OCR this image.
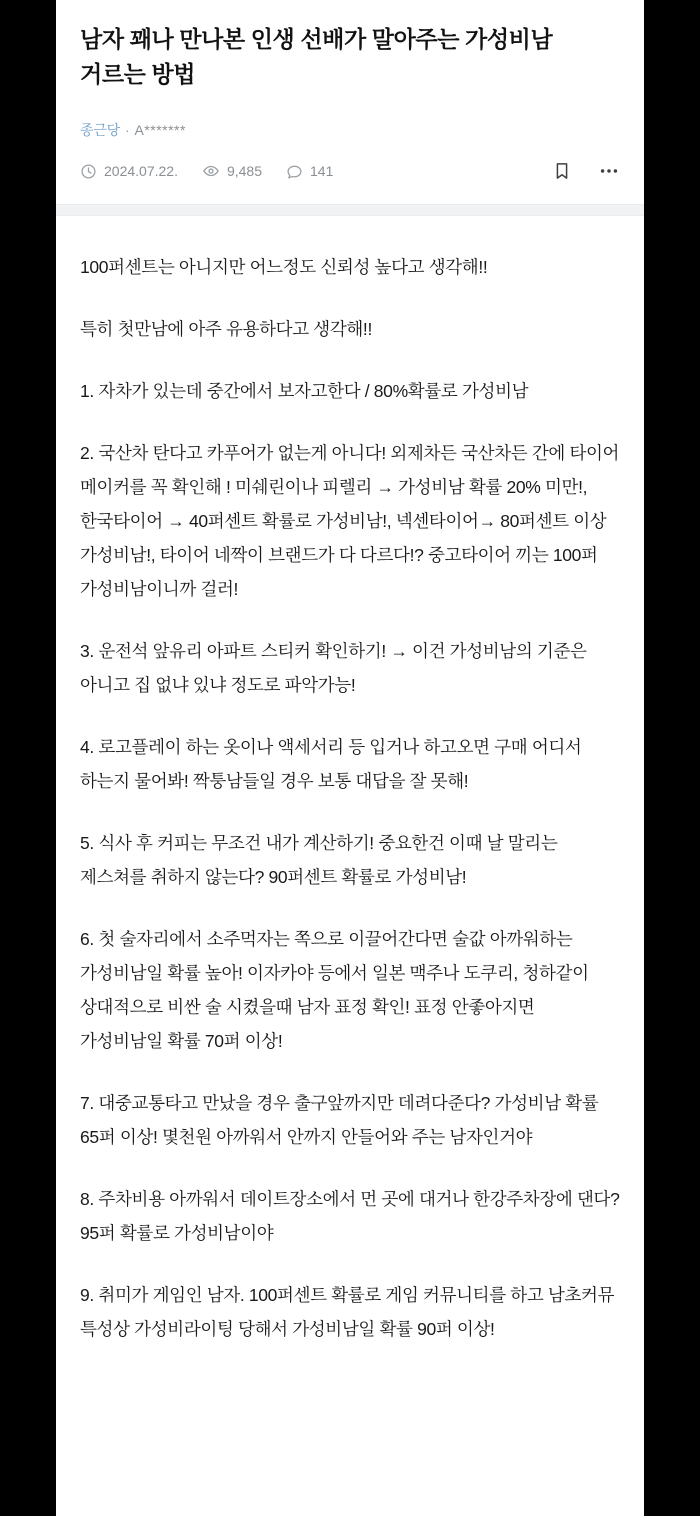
남자 꽤나 만나본 인생 선배가 말아주는 가성비남 거르는 방법
종근당 · A*******
2024.07.22.	9,485	141

100퍼센트는 아니지만 어느정도 신뢰성 높다고 생각해!!

특히 첫만남에 아주 유용하다고 생각해!!

1. 자차가 있는데 중간에서 보자고한다 / 80%확률로 가성비남

2. 국산차 탄다고 카푸어가 없는게 아니다! 외제차든 국산차든 간에 타이어 메이커를 꼭 확인해 ! 미쉐린이나 피렐리 → 가성비남 확률 20% 미만!, 한국타이어 → 40퍼센트 확률로 가성비남!, 넥센타이어→ 80퍼센트 이상 가성비남!, 타이어 네짝이 브랜드가 다 다르다!? 중고타이어 끼는 100퍼 가성비남이니까 걸러!

3. 운전석 앞유리 아파트 스티커 확인하기! → 이건 가성비남의 기준은 아니고 집 없냐 있냐 정도로 파악가능!

4. 로고플레이 하는 옷이나 액세서리 등 입거나 하고오면 구매 어디서 하는지 물어봐! 짝퉁남들일 경우 보통 대답을 잘 못해!

5. 식사 후 커피는 무조건 내가 계산하기! 중요한건 이때 날 말리는 제스쳐를 취하지 않는다? 90퍼센트 확률로 가성비남!

6. 첫 술자리에서 소주먹자는 쪽으로 이끌어간다면 술값 아까워하는 가성비남일 확률 높아! 이자카야 등에서 일본 맥주나 도쿠리, 청하같이 상대적으로 비싼 술 시켰을때 남자 표정 확인! 표정 안좋아지면 가성비남일 확률 70퍼 이상!

7. 대중교통타고 만났을 경우 출구앞까지만 데려다준다? 가성비남 확률 65퍼 이상! 몇천원 아까워서 안까지 안들어와 주는 남자인거야

8. 주차비용 아까워서 데이트장소에서 먼 곳에 대거나 한강주차장에 댄다? 95퍼 확률로 가성비남이야

9. 취미가 게임인 남자. 100퍼센트 확률로 게임 커뮤니티를 하고 남초커뮤 특성상 가성비라이팅 당해서 가성비남일 확률 90퍼 이상!
